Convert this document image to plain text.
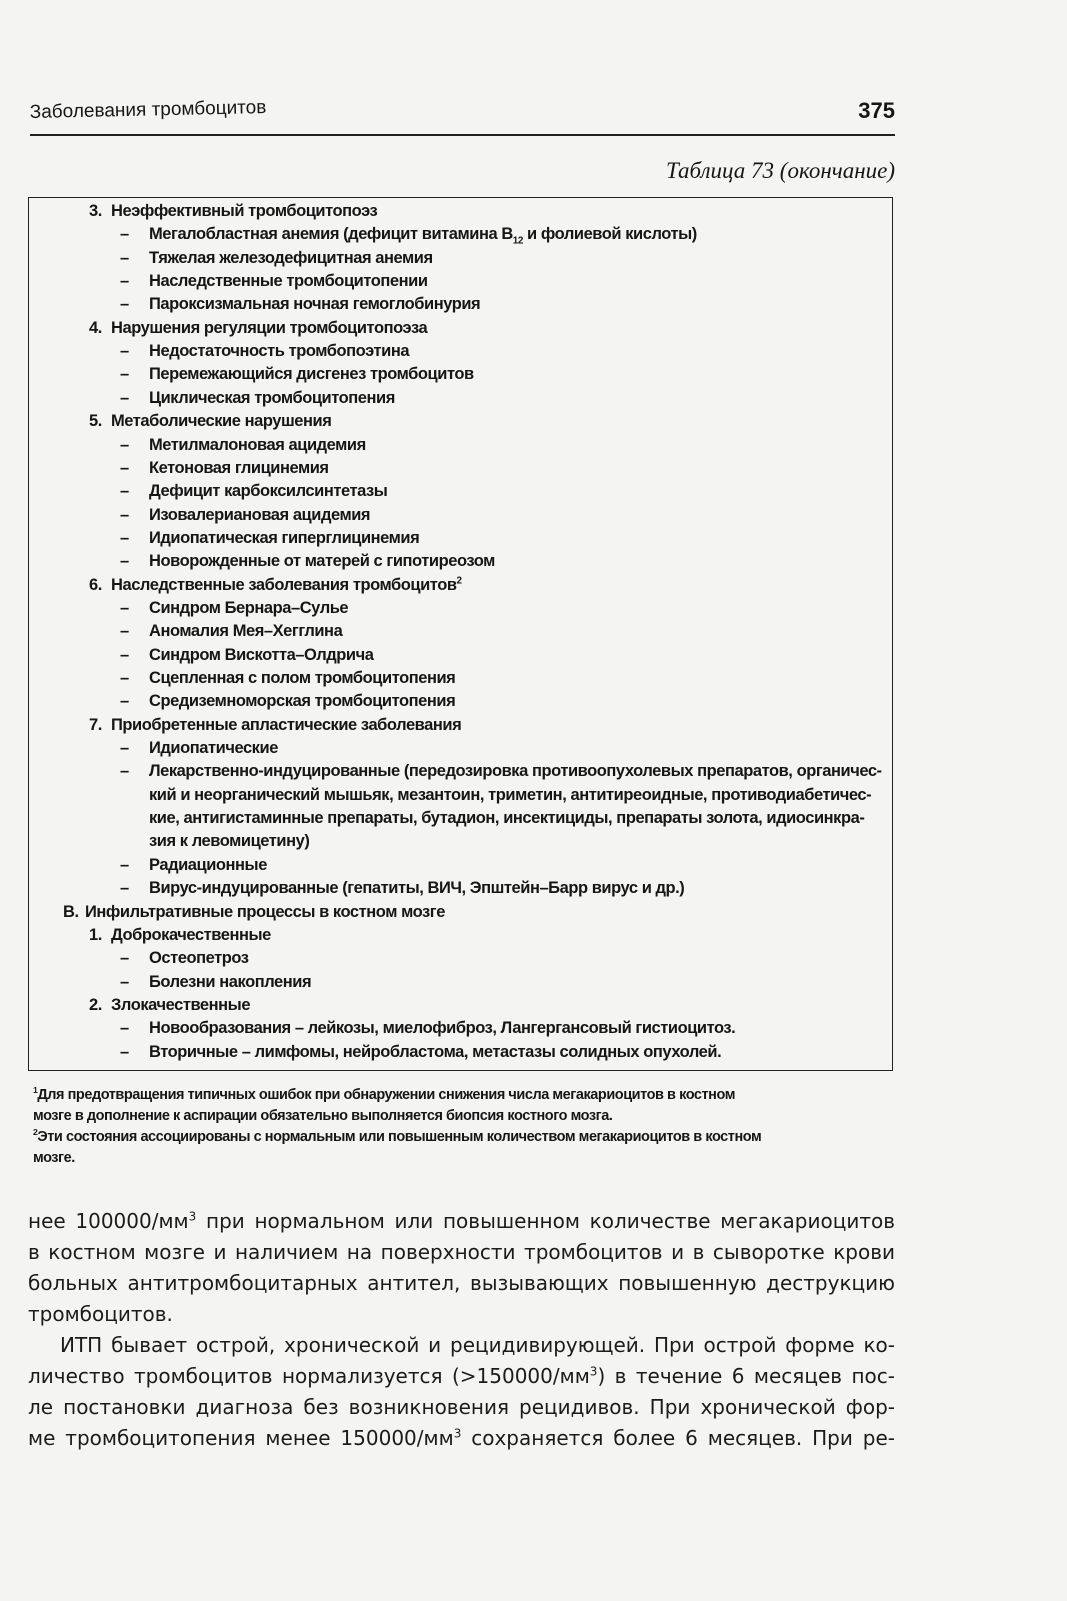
Заболевания тромбоцитов	375
Таблица 73 (окончание)
3. Неэффективный тромбоцитопоэз
– Мегалобластная анемия (дефицит витамина $B_{12}$ и фолиевой кислоты)
– Тяжелая железодефицитная анемия
– Наследственные тромбоцитопении
– Пароксизмальная ночная гемоглобинурия
4. Нарушения регуляции тромбоцитопоэза
– Недостаточность тромбопоэтина
– Перемежающийся дисгенез тромбоцитов
– Циклическая тромбоцитопения
5. Метаболические нарушения
– Метилмалоновая ацидемия
– Кетоновая глицинемия
– Дефицит карбоксилсинтетазы
– Изовалериановая ацидемия
– Идиопатическая гиперглицинемия
– Новорожденные от матерей с гипотиреозом
6. Наследственные заболевания тромбоцитов$^2$
– Синдром Бернара–Сулье
– Аномалия Мея–Хегглина
– Синдром Вискотта–Олдрича
– Сцепленная с полом тромбоцитопения
– Средиземноморская тромбоцитопения
7. Приобретенные апластические заболевания
– Идиопатические
– Лекарственно-индуцированные (передозировка противоопухолевых препаратов, органичес-
кий и неорганический мышьяк, мезантоин, триметин, антитиреоидные, противодиабетичес-
кие, антигистаминные препараты, бутадион, инсектициды, препараты золота, идиосинкра-
зия к левомицетину)
– Радиационные
– Вирус-индуцированные (гепатиты, ВИЧ, Эпштейн–Барр вирус и др.)
B. Инфильтративные процессы в костном мозге
1. Доброкачественные
– Остеопетроз
– Болезни накопления
2. Злокачественные
– Новообразования – лейкозы, миелофиброз, Лангергансовый гистиоцитоз.
– Вторичные – лимфомы, нейробластома, метастазы солидных опухолей.
$^1$Для предотвращения типичных ошибок при обнаружении снижения числа мегакариоцитов в костном
мозге в дополнение к аспирации обязательно выполняется биопсия костного мозга.
$^2$Эти состояния ассоциированы с нормальным или повышенным количеством мегакариоцитов в костном
мозге.
нее $100000/мм^3$ при нормальном или повышенном количестве мегакариоцитов
в костном мозге и наличием на поверхности тромбоцитов и в сыворотке крови
больных антитромбоцитарных антител, вызывающих повышенную деструкцию
тромбоцитов.
ИТП бывает острой, хронической и рецидивирующей. При острой форме ко-
личество тромбоцитов нормализуется $(>150000/мм^3)$ в течение 6 месяцев пос-
ле постановки диагноза без возникновения рецидивов. При хронической фор-
ме тромбоцитопения менее $150000/мм^3$ сохраняется более 6 месяцев. При ре-
